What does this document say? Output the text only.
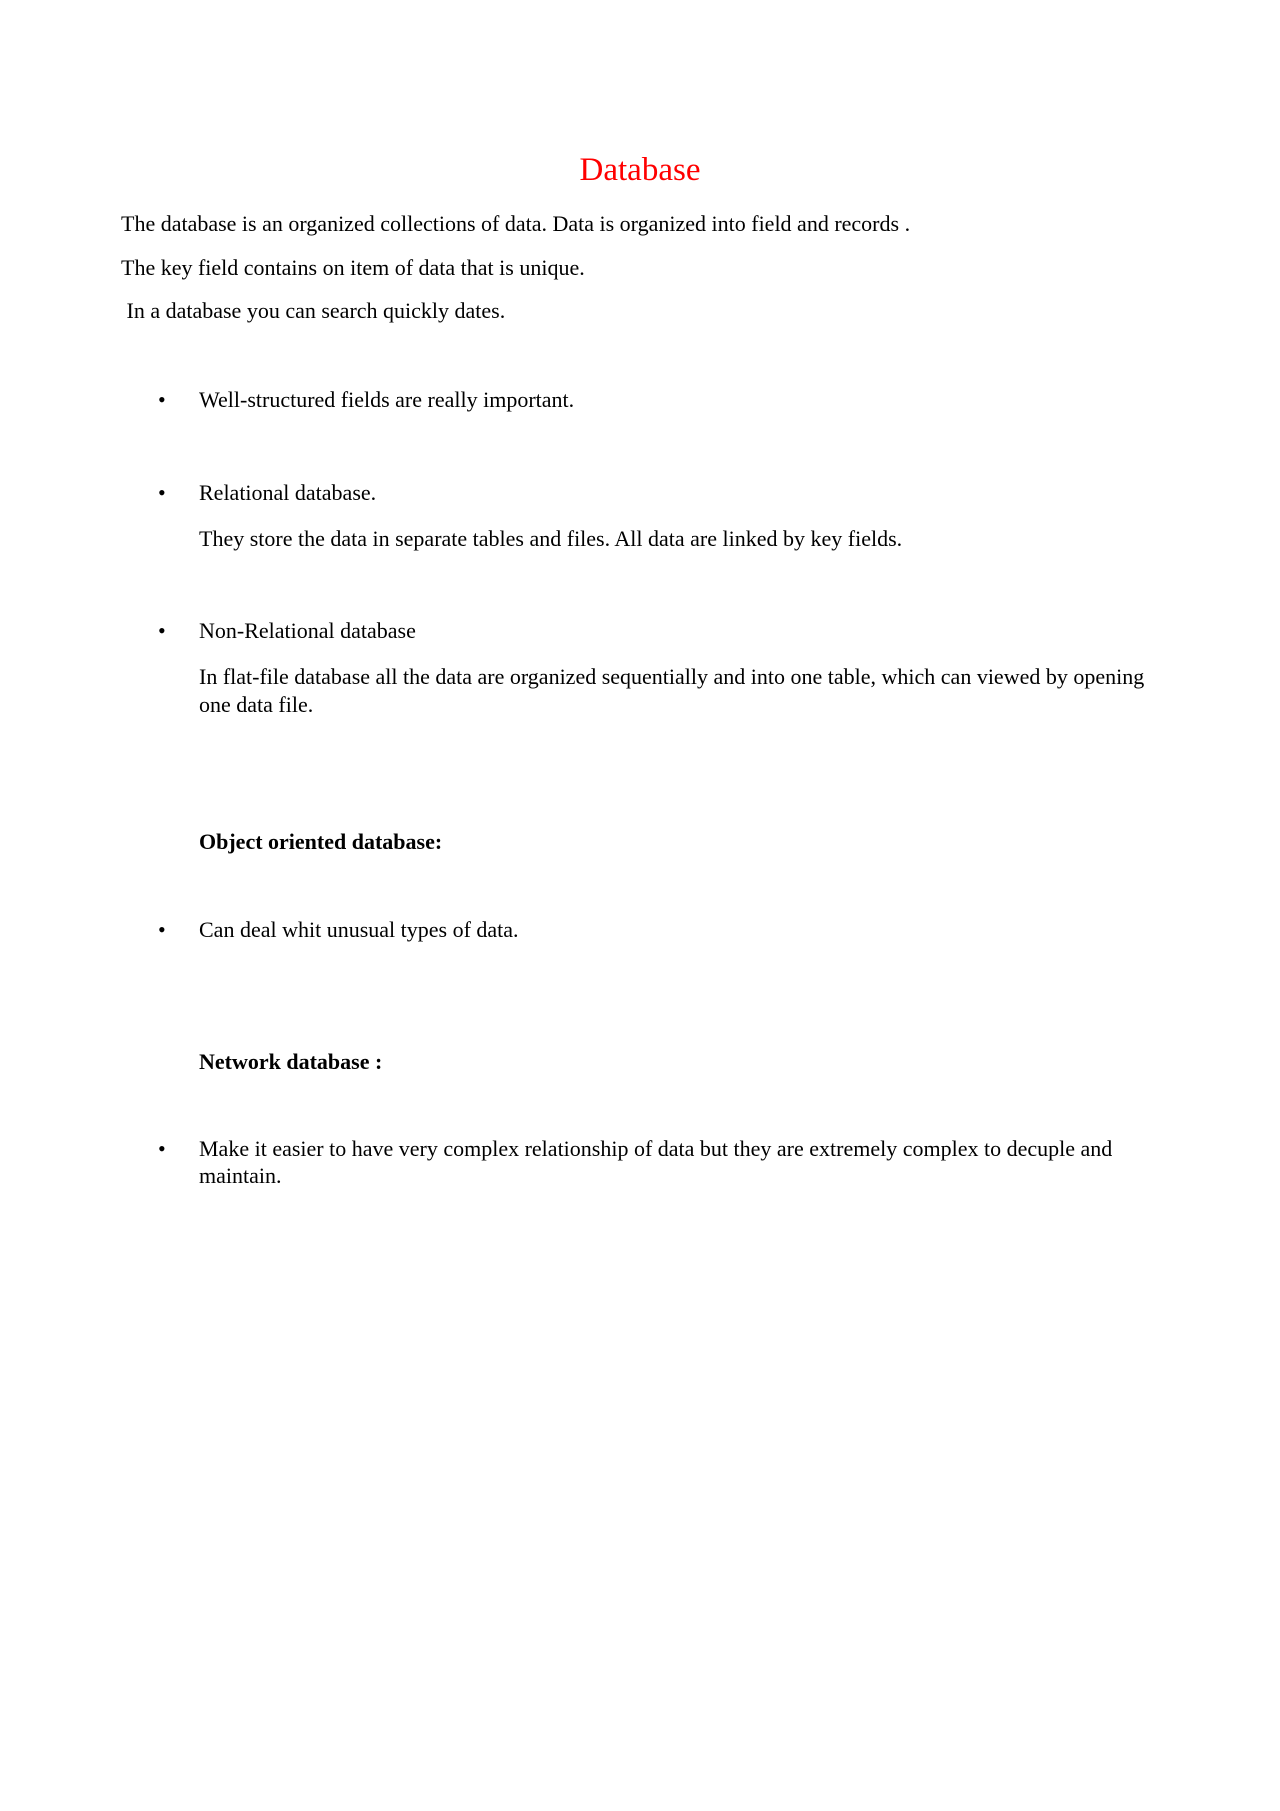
Database
The database is an organized collections of data. Data is organized into field and records .
The key field contains on item of data that is unique.
In a database you can search quickly dates.
• Well-structured fields are really important.
• Relational database.
They store the data in separate tables and files. All data are linked by key fields.
• Non-Relational database
In flat-file database all the data are organized sequentially and into one table, which can viewed by opening one data file.
Object oriented database:
• Can deal whit unusual types of data.
Network database :
• Make it easier to have very complex relationship of data but they are extremely complex to decuple and maintain.
